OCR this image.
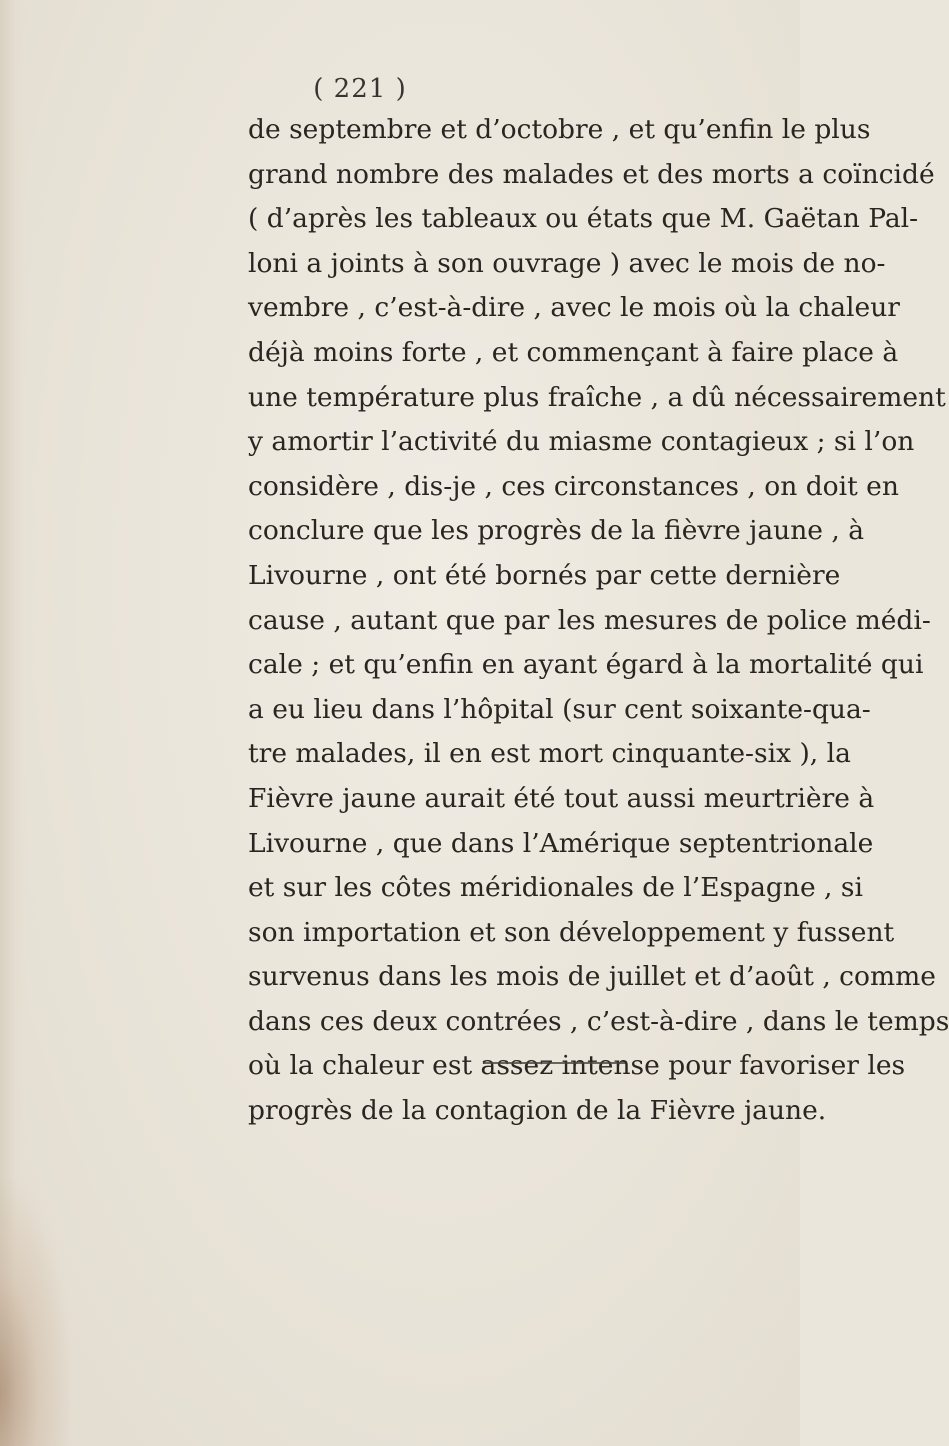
( 221 )
de septembre et d’octobre , et qu’enfin le plus
grand nombre des malades et des morts a coïncidé
( d’après les tableaux ou états que M. Gaëtan Pal-
loni a joints à son ouvrage ) avec le mois de no-
vembre , c’est-à-dire , avec le mois où la chaleur
déjà moins forte , et commençant à faire place à
une température plus fraîche , a dû nécessairement
y amortir l’activité du miasme contagieux ; si l’on
considère , dis-je , ces circonstances , on doit en
conclure que les progrès de la fièvre jaune , à
Livourne , ont été bornés par cette dernière
cause , autant que par les mesures de police médi-
cale ; et qu’enfin en ayant égard à la mortalité qui
a eu lieu dans l’hôpital (sur cent soixante-qua-
tre malades, il en est mort cinquante-six ), la
Fièvre jaune aurait été tout aussi meurtrière à
Livourne , que dans l’Amérique septentrionale
et sur les côtes méridionales de l’Espagne , si
son importation et son développement y fussent
survenus dans les mois de juillet et d’août , comme
dans ces deux contrées , c’est-à-dire , dans le temps
où la chaleur est assez intense pour favoriser les
progrès de la contagion de la Fièvre jaune.
